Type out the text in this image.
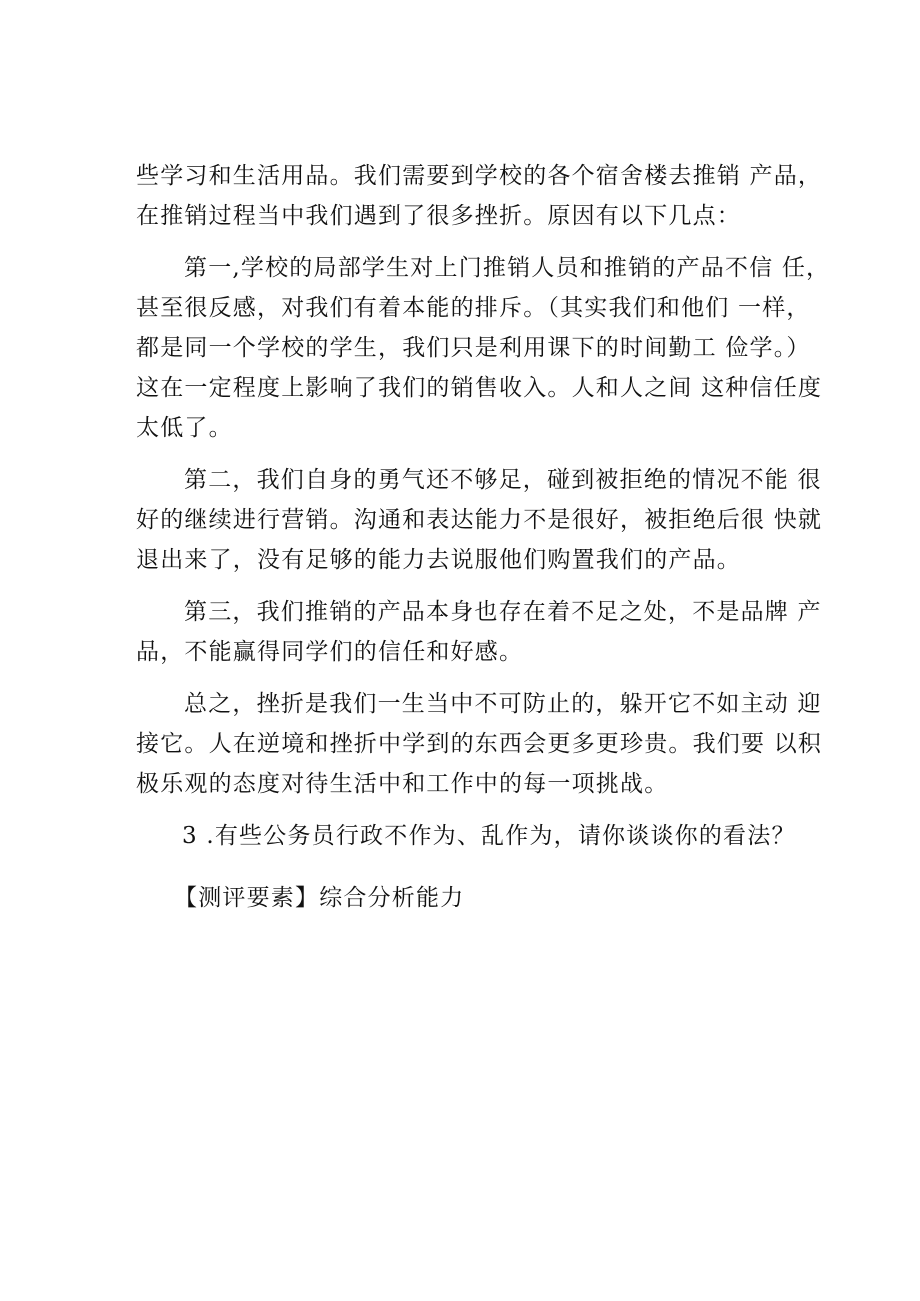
些学习和生活用品。我们需要到学校的各个宿舍楼去推销 产品，
在推销过程当中我们遇到了很多挫折。原因有以下几点：

第一,学校的局部学生对上门推销人员和推销的产品不信 任，
甚至很反感，对我们有着本能的排斥。（其实我们和他们 一样，
都是同一个学校的学生，我们只是利用课下的时间勤工 俭学。）
这在一定程度上影响了我们的销售收入。人和人之间 这种信任度
太低了。

第二，我们自身的勇气还不够足，碰到被拒绝的情况不能 很
好的继续进行营销。沟通和表达能力不是很好，被拒绝后很 快就
退出来了，没有足够的能力去说服他们购置我们的产品。

第三，我们推销的产品本身也存在着不足之处，不是品牌 产
品，不能赢得同学们的信任和好感。

总之，挫折是我们一生当中不可防止的，躲开它不如主动 迎
接它。人在逆境和挫折中学到的东西会更多更珍贵。我们要 以积
极乐观的态度对待生活中和工作中的每一项挑战。

3 .有些公务员行政不作为、乱作为，请你谈谈你的看法？

【测评要素】综合分析能力
